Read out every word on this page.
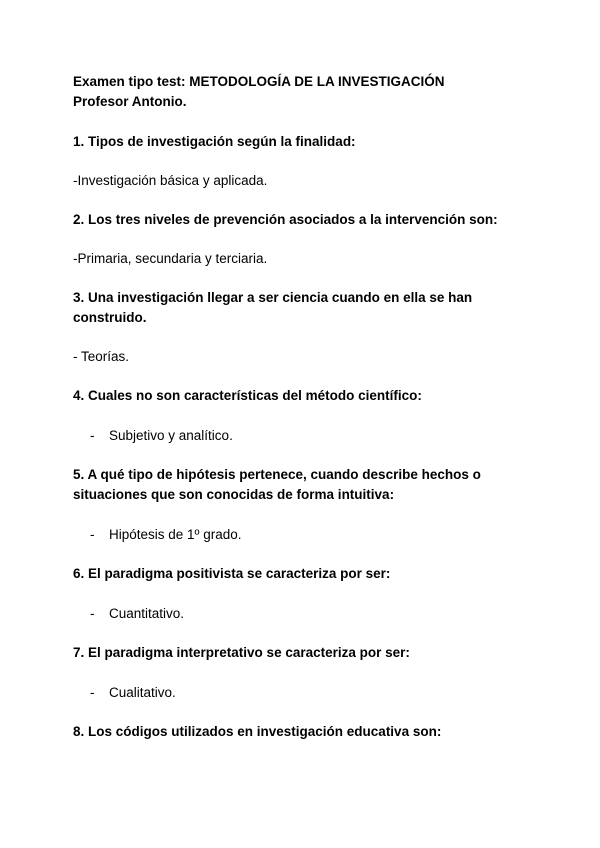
Examen tipo test: METODOLOGÍA DE LA INVESTIGACIÓN

Profesor Antonio.

1. Tipos de investigación según la finalidad:

-Investigación básica y aplicada.

2. Los tres niveles de prevención asociados a la intervención son:

-Primaria, secundaria y terciaria.

3. Una investigación llegar a ser ciencia cuando en ella se han

construido.

- Teorías.

4. Cuales no son características del método científico:

-	Subjetivo y analítico.

5. A qué tipo de hipótesis pertenece, cuando describe hechos o

situaciones que son conocidas de forma intuitiva:

-	Hipótesis de 1º grado.

6. El paradigma positivista se caracteriza por ser:

-	Cuantitativo.

7. El paradigma interpretativo se caracteriza por ser:

-	Cualitativo.

8. Los códigos utilizados en investigación educativa son:
